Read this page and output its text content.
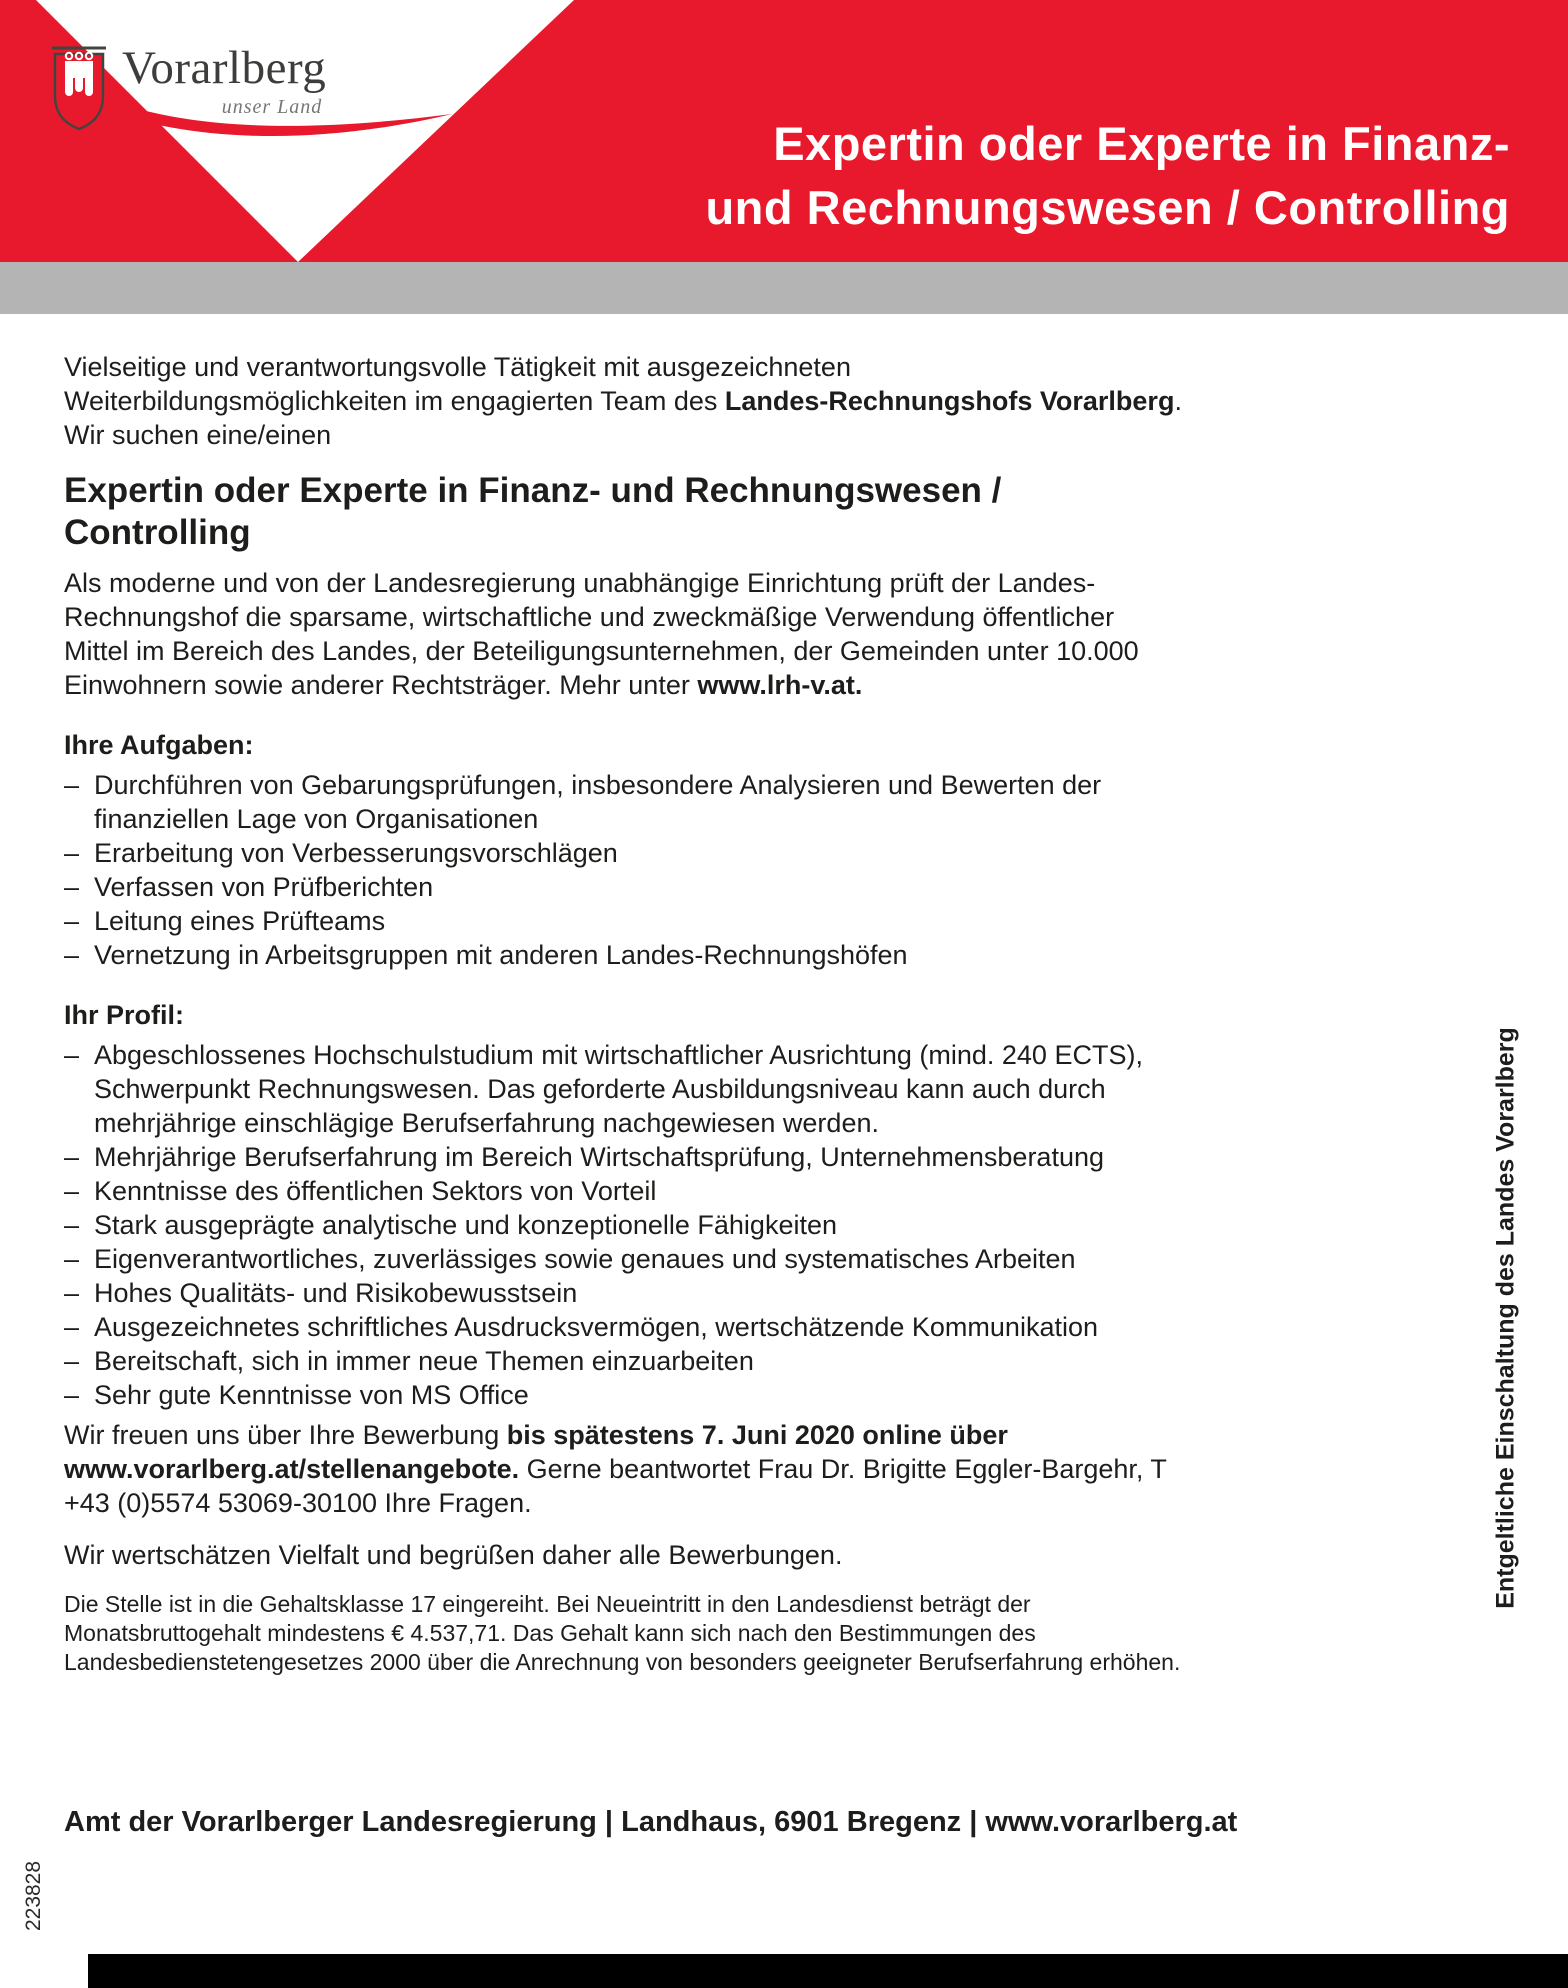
Vorarlberg
unser Land
Expertin oder Experte in Finanz-
und Rechnungswesen / Controlling

Vielseitige und verantwortungsvolle Tätigkeit mit ausgezeichneten Weiterbildungsmöglichkeiten im engagierten Team des Landes-Rechnungshofs Vorarlberg. Wir suchen eine/einen

Expertin oder Experte in Finanz- und Rechnungswesen / Controlling

Als moderne und von der Landesregierung unabhängige Einrichtung prüft der Landes-Rechnungshof die sparsame, wirtschaftliche und zweckmäßige Verwendung öffentlicher Mittel im Bereich des Landes, der Beteiligungsunternehmen, der Gemeinden unter 10.000 Einwohnern sowie anderer Rechtsträger. Mehr unter www.lrh-v.at.

Ihre Aufgaben:
– Durchführen von Gebarungsprüfungen, insbesondere Analysieren und Bewerten der finanziellen Lage von Organisationen
– Erarbeitung von Verbesserungsvorschlägen
– Verfassen von Prüfberichten
– Leitung eines Prüfteams
– Vernetzung in Arbeitsgruppen mit anderen Landes-Rechnungshöfen
Ihr Profil:
– Abgeschlossenes Hochschulstudium mit wirtschaftlicher Ausrichtung (mind. 240 ECTS), Schwerpunkt Rechnungswesen. Das geforderte Ausbildungsniveau kann auch durch mehrjährige einschlägige Berufserfahrung nachgewiesen werden.
– Mehrjährige Berufserfahrung im Bereich Wirtschaftsprüfung, Unternehmensberatung
– Kenntnisse des öffentlichen Sektors von Vorteil
– Stark ausgeprägte analytische und konzeptionelle Fähigkeiten
– Eigenverantwortliches, zuverlässiges sowie genaues und systematisches Arbeiten
– Hohes Qualitäts- und Risikobewusstsein
– Ausgezeichnetes schriftliches Ausdrucksvermögen, wertschätzende Kommunikation
– Bereitschaft, sich in immer neue Themen einzuarbeiten
– Sehr gute Kenntnisse von MS Office

Wir freuen uns über Ihre Bewerbung bis spätestens 7. Juni 2020 online über www.vorarlberg.at/stellenangebote. Gerne beantwortet Frau Dr. Brigitte Eggler-Bargehr, T +43 (0)5574 53069-30100 Ihre Fragen.

Wir wertschätzen Vielfalt und begrüßen daher alle Bewerbungen.

Die Stelle ist in die Gehaltsklasse 17 eingereiht. Bei Neueintritt in den Landesdienst beträgt der Monatsbruttogehalt mindestens € 4.537,71. Das Gehalt kann sich nach den Bestimmungen des Landesbedienstetengesetzes 2000 über die Anrechnung von besonders geeigneter Berufserfahrung erhöhen.

Amt der Vorarlberger Landesregierung | Landhaus, 6901 Bregenz | www.vorarlberg.at
Entgeltliche Einschaltung des Landes Vorarlberg
223828
